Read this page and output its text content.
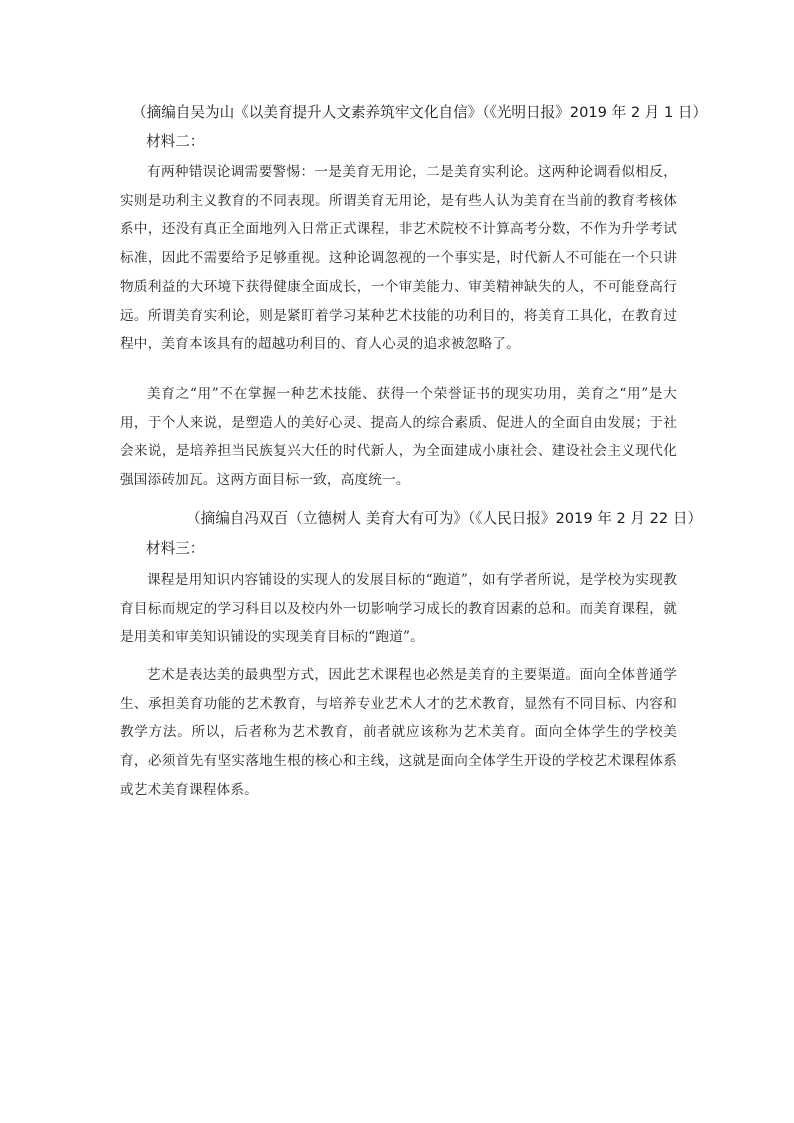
（摘编自吴为山《以美育提升人文素养筑牢文化自信》（《光明日报》2019 年 2 月 1 日）
材料二：

有两种错误论调需要警惕：一是美育无用论，二是美育实利论。这两种论调看似相反，实则是功利主义教育的不同表现。所谓美育无用论，是有些人认为美育在当前的教育考核体系中，还没有真正全面地列入日常正式课程，非艺术院校不计算高考分数，不作为升学考试标准，因此不需要给予足够重视。这种论调忽视的一个事实是，时代新人不可能在一个只讲物质利益的大环境下获得健康全面成长，一个审美能力、审美精神缺失的人，不可能登高行远。所谓美育实利论，则是紧盯着学习某种艺术技能的功利目的，将美育工具化，在教育过程中，美育本该具有的超越功利目的、育人心灵的追求被忽略了。

美育之“用”不在掌握一种艺术技能、获得一个荣誉证书的现实功用，美育之“用”是大用，于个人来说，是塑造人的美好心灵、提高人的综合素质、促进人的全面自由发展；于社会来说，是培养担当民族复兴大任的时代新人，为全面建成小康社会、建设社会主义现代化强国添砖加瓦。这两方面目标一致，高度统一。

（摘编自冯双百（立德树人 美育大有可为》（《人民日报》2019 年 2 月 22 日）
材料三：

课程是用知识内容铺设的实现人的发展目标的“跑道”，如有学者所说，是学校为实现教育目标而规定的学习科目以及校内外一切影响学习成长的教育因素的总和。而美育课程，就是用美和审美知识铺设的实现美育目标的“跑道”。

艺术是表达美的最典型方式，因此艺术课程也必然是美育的主要渠道。面向全体普通学生、承担美育功能的艺术教育，与培养专业艺术人才的艺术教育，显然有不同目标、内容和教学方法。所以，后者称为艺术教育，前者就应该称为艺术美育。面向全体学生的学校美育，必须首先有坚实落地生根的核心和主线，这就是面向全体学生开设的学校艺术课程体系或艺术美育课程体系。
